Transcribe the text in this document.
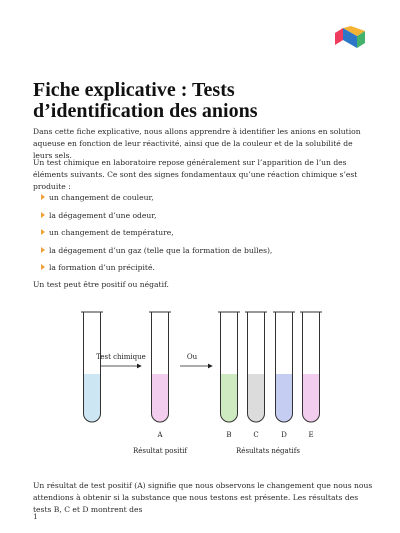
Fiche explicative : Tests d’identification des anions

Dans cette fiche explicative, nous allons apprendre à identifier les anions en solution aqueuse en fonction de leur réactivité, ainsi que de la couleur et de la solubilité de leurs sels.

Un test chimique en laboratoire repose généralement sur l’apparition de l’un des éléments suivants. Ce sont des signes fondamentaux qu’une réaction chimique s’est produite :

un changement de couleur,
la dégagement d’une odeur,
un changement de température,
la dégagement d’un gaz (telle que la formation de bulles),
la formation d’un précipité.

Un test peut être positif ou négatif.

A	B	C	D	E
Test chimique	Ou
Résultat positif	Résultats négatifs

Un résultat de test positif (A) signifie que nous observons le changement que nous nous attendions à obtenir si la substance que nous testons est présente. Les résultats des tests B, C et D montrent des

1
